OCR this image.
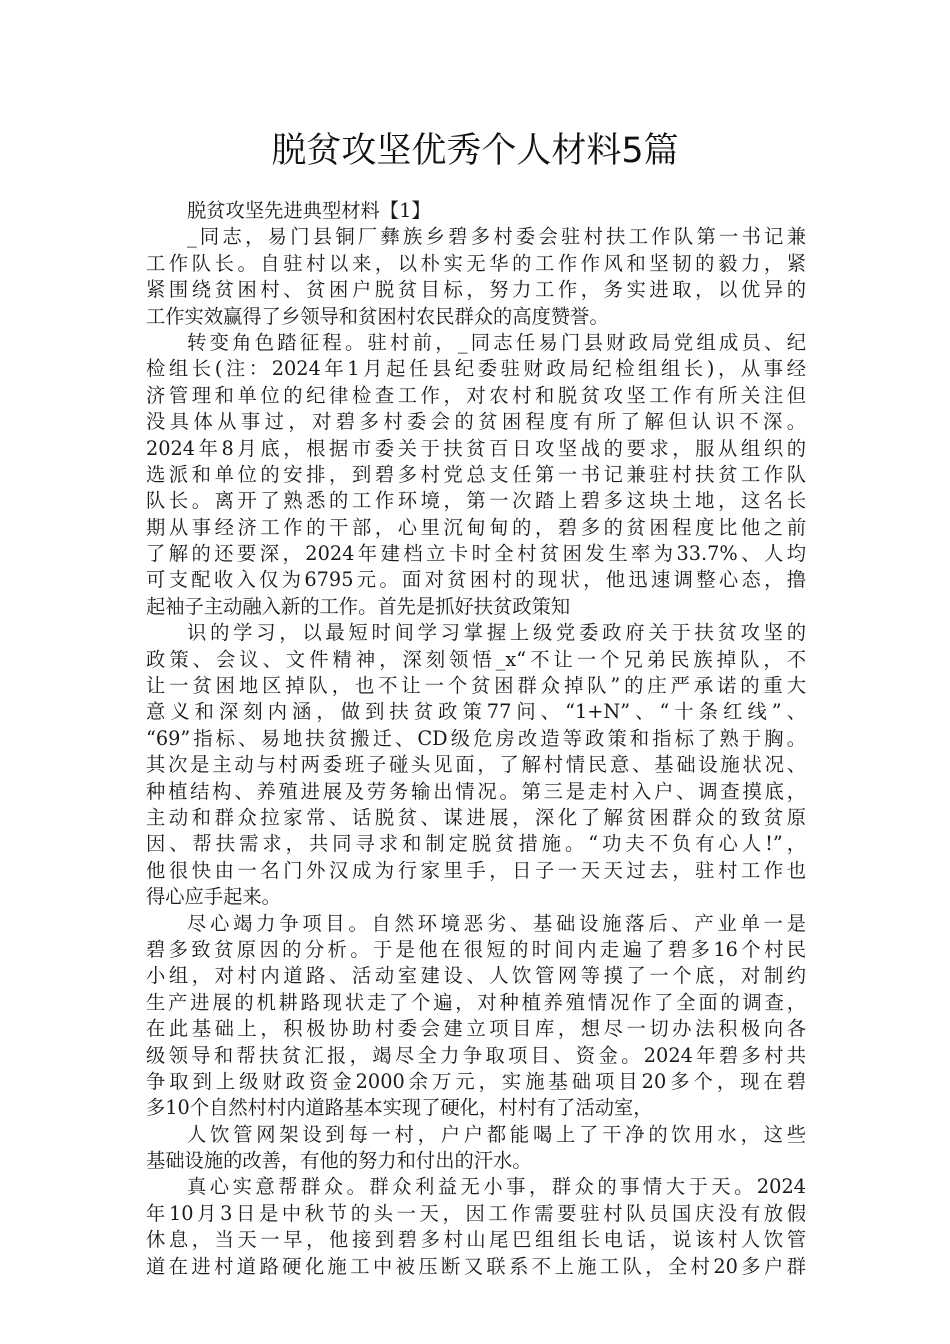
脱贫攻坚优秀个人材料5篇
脱贫攻坚先进典型材料【1】
_同志，易门县铜厂彝族乡碧多村委会驻村扶工作队第一书记兼
工作队长。自驻村以来，以朴实无华的工作作风和坚韧的毅力，紧
紧围绕贫困村、贫困户脱贫目标，努力工作，务实进取，以优异的
工作实效赢得了乡领导和贫困村农民群众的高度赞誉。
转变角色踏征程。驻村前，_同志任易门县财政局党组成员、纪
检组长(注：2024年1月起任县纪委驻财政局纪检组组长)，从事经
济管理和单位的纪律检查工作，对农村和脱贫攻坚工作有所关注但
没具体从事过，对碧多村委会的贫困程度有所了解但认识不深。
2024年8月底，根据市委关于扶贫百日攻坚战的要求，服从组织的
选派和单位的安排，到碧多村党总支任第一书记兼驻村扶贫工作队
队长。离开了熟悉的工作环境，第一次踏上碧多这块土地，这名长
期从事经济工作的干部，心里沉甸甸的，碧多的贫困程度比他之前
了解的还要深，2024年建档立卡时全村贫困发生率为33.7%、人均
可支配收入仅为6795元。面对贫困村的现状，他迅速调整心态，撸
起袖子主动融入新的工作。首先是抓好扶贫政策知
识的学习，以最短时间学习掌握上级党委政府关于扶贫攻坚的
政策、会议、文件精神，深刻领悟_x“不让一个兄弟民族掉队，不
让一贫困地区掉队，也不让一个贫困群众掉队”的庄严承诺的重大
意义和深刻内涵，做到扶贫政策77问、“1+N”、“十条红线”、
“69”指标、易地扶贫搬迁、CD级危房改造等政策和指标了熟于胸。
其次是主动与村两委班子碰头见面，了解村情民意、基础设施状况、
种植结构、养殖进展及劳务输出情况。第三是走村入户、调查摸底，
主动和群众拉家常、话脱贫、谋进展，深化了解贫困群众的致贫原
因、帮扶需求，共同寻求和制定脱贫措施。“功夫不负有心人!”，
他很快由一名门外汉成为行家里手，日子一天天过去，驻村工作也
得心应手起来。
尽心竭力争项目。自然环境恶劣、基础设施落后、产业单一是
碧多致贫原因的分析。于是他在很短的时间内走遍了碧多16个村民
小组，对村内道路、活动室建设、人饮管网等摸了一个底，对制约
生产进展的机耕路现状走了个遍，对种植养殖情况作了全面的调查，
在此基础上，积极协助村委会建立项目库，想尽一切办法积极向各
级领导和帮扶贫汇报，竭尽全力争取项目、资金。2024年碧多村共
争取到上级财政资金2000余万元，实施基础项目20多个，现在碧
多10个自然村村内道路基本实现了硬化，村村有了活动室，
人饮管网架设到每一村，户户都能喝上了干净的饮用水，这些
基础设施的改善，有他的努力和付出的汗水。
真心实意帮群众。群众利益无小事，群众的事情大于天。2024
年10月3日是中秋节的头一天，因工作需要驻村队员国庆没有放假
休息，当天一早，他接到碧多村山尾巴组组长电话，说该村人饮管
道在进村道路硬化施工中被压断又联系不上施工队，全村20多户群
